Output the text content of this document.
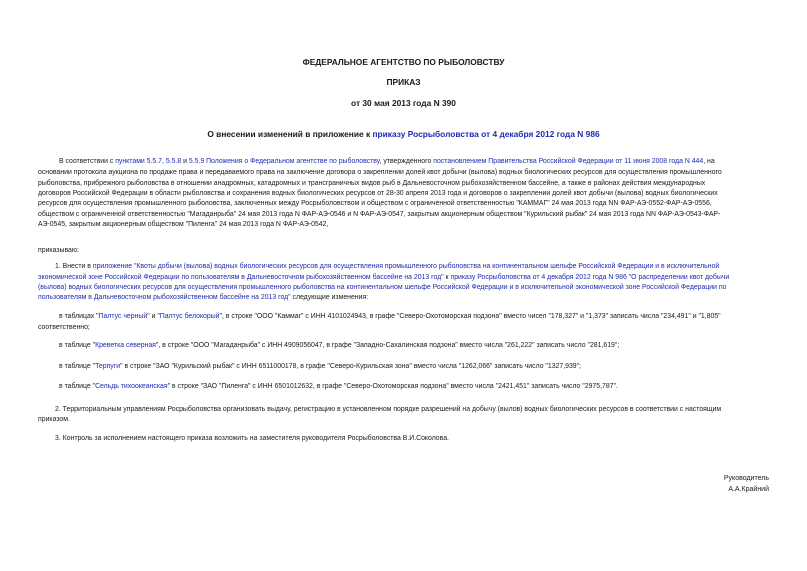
ФЕДЕРАЛЬНОЕ АГЕНТСТВО ПО РЫБОЛОВСТВУ
ПРИКАЗ
от 30 мая 2013 года N 390
О внесении изменений в приложение к приказу Росрыболовства от 4 декабря 2012 года N 986
В соответствии с пунктами 5.5.7, 5.5.8 и 5.5.9 Положения о Федеральном агентстве по рыболовству, утвержденного постановлением Правительства Российской Федерации от 11 июня 2008 года N 444, на
основании протокола аукциона по продаже права и передаваемого права на заключение договора о закреплении долей квот добычи (вылова) водных биологических ресурсов для осуществления промышленного
рыболовства, прибрежного рыболовства в отношении анадромных, катадромных и трансграничных видов рыб в Дальневосточном рыбохозяйственном бассейне, а также в районах действия международных
договоров Российской Федерации в области рыболовства и сохранения водных биологических ресурсов от 28-30 апреля 2013 года и договоров о закреплении долей квот добычи (вылова) водных биологических
ресурсов для осуществления промышленного рыболовства, заключенных между Росрыболовством и обществом с ограниченной ответственностью "КАММАГ" 24 мая 2013 года NN ФАР-АЭ-0552-ФАР-АЭ-0556,
обществом с ограниченной ответственностью "Магаданрыба" 24 мая 2013 года N ФАР-АЭ-0546 и N ФАР-АЭ-0547, закрытым акционерным обществом "Курильский рыбак" 24 мая 2013 года NN ФАР-АЭ-0543-ФАР-
АЭ-0545, закрытым акционерным обществом "Пиленга" 24 мая 2013 года N ФАР-АЭ-0542,
приказываю:
1. Внести в приложение "Квоты добычи (вылова) водных биологических ресурсов для осуществления промышленного рыболовства на континентальном шельфе Российской Федерации и в исключительной
экономической зоне Российской Федерации по пользователям в Дальневосточном рыбохозяйственном бассейне на 2013 год" к приказу Росрыболовства от 4 декабря 2012 года N 986 "О распределении квот добычи
(вылова) водных биологических ресурсов для осуществления промышленного рыболовства на континентальном шельфе Российской Федерации и в исключительной экономической зоне Российской Федерации по
пользователям в Дальневосточном рыбохозяйственном бассейне на 2013 год" следующие изменения:
в таблицах "Палтус черный" и "Палтус белокорый", в строке "ООО "Каммаг" с ИНН 4101024943, в графе "Северо-Охотоморская подзона" вместо чисел "178,327" и "1,373" записать числа "234,491" и "1,805"
соответственно;
в таблице "Креветка северная", в строке "ООО "Магаданрыба" с ИНН 4909056047, в графе "Западно-Сахалинская подзона" вместо числа "261,222" записать число "281,619";
в таблице "Терпуги" в строке "ЗАО "Курильский рыбак" с ИНН 6511000178, в графе "Северо-Курильская зона" вместо числа "1262,066" записать число "1327,939";
в таблице "Сельдь тихоокеанская" в строке "ЗАО "Пиленга" с ИНН 6501012632, в графе "Северо-Охотоморская подзона" вместо числа "2421,451" записать число "2975,787".
2. Территориальным управлениям Росрыболовства организовать выдачу, регистрацию в установленном порядке разрешений на добычу (вылов) водных биологических ресурсов в соответствии с настоящим
приказом.
3. Контроль за исполнением настоящего приказа возложить на заместителя руководителя Росрыболовства В.И.Соколова.
Руководитель
А.А.Крайний
